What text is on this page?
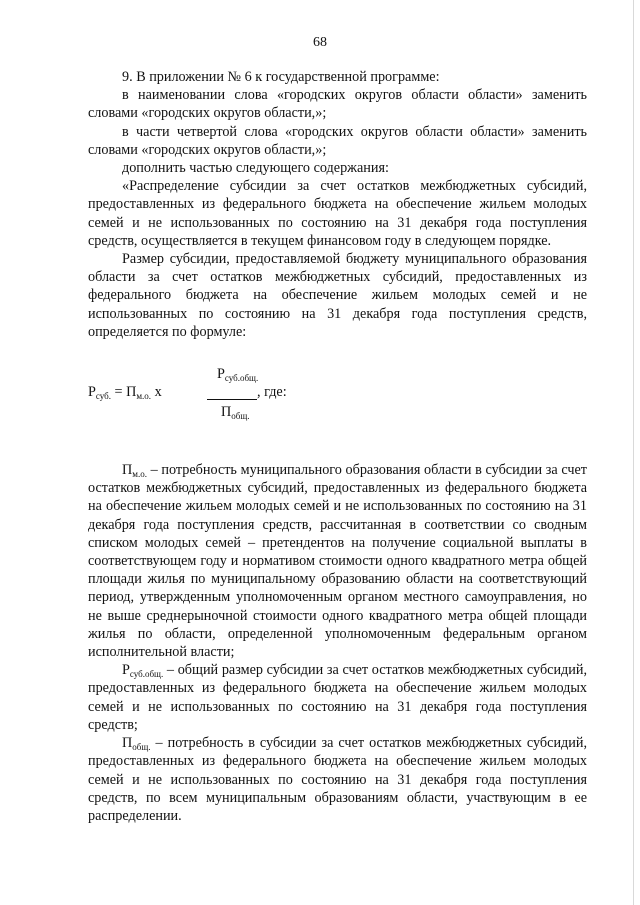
68

9. В приложении № 6 к государственной программе:

в наименовании слова «городских округов области области» заменить словами «городских округов области,»;

в части четвертой слова «городских округов области области» заменить словами «городских округов области,»;

дополнить частью следующего содержания:

«Распределение субсидии за счет остатков межбюджетных субсидий, предоставленных из федерального бюджета на обеспечение жильем молодых семей и не использованных по состоянию на 31 декабря года поступления средств, осуществляется в текущем финансовом году в следующем порядке.

Размер субсидии, предоставляемой бюджету муниципального образования области за счет остатков межбюджетных субсидий, предоставленных из федерального бюджета на обеспечение жильем молодых семей и не использованных по состоянию на 31 декабря года поступления средств, определяется по формуле:

$Р_{суб.общ.}$
$Р_{суб.} = П_{м.о.}$ х	, где:
$П_{общ.}$

$П_{м.о.}$ – потребность муниципального образования области в субсидии за счет остатков межбюджетных субсидий, предоставленных из федерального бюджета на обеспечение жильем молодых семей и не использованных по состоянию на 31 декабря года поступления средств, рассчитанная в соответствии со сводным списком молодых семей – претендентов на получение социальной выплаты в соответствующем году и нормативом стоимости одного квадратного метра общей площади жилья по муниципальному образованию области на соответствующий период, утвержденным уполномоченным органом местного самоуправления, но не выше среднерыночной стоимости одного квадратного метра общей площади жилья по области, определенной уполномоченным федеральным органом исполнительной власти;

$Р_{суб.общ.}$ – общий размер субсидии за счет остатков межбюджетных субсидий, предоставленных из федерального бюджета на обеспечение жильем молодых семей и не использованных по состоянию на 31 декабря года поступления средств;

$П_{общ.}$ – потребность в субсидии за счет остатков межбюджетных субсидий, предоставленных из федерального бюджета на обеспечение жильем молодых семей и не использованных по состоянию на 31 декабря года поступления средств, по всем муниципальным образованиям области, участвующим в ее распределении.
